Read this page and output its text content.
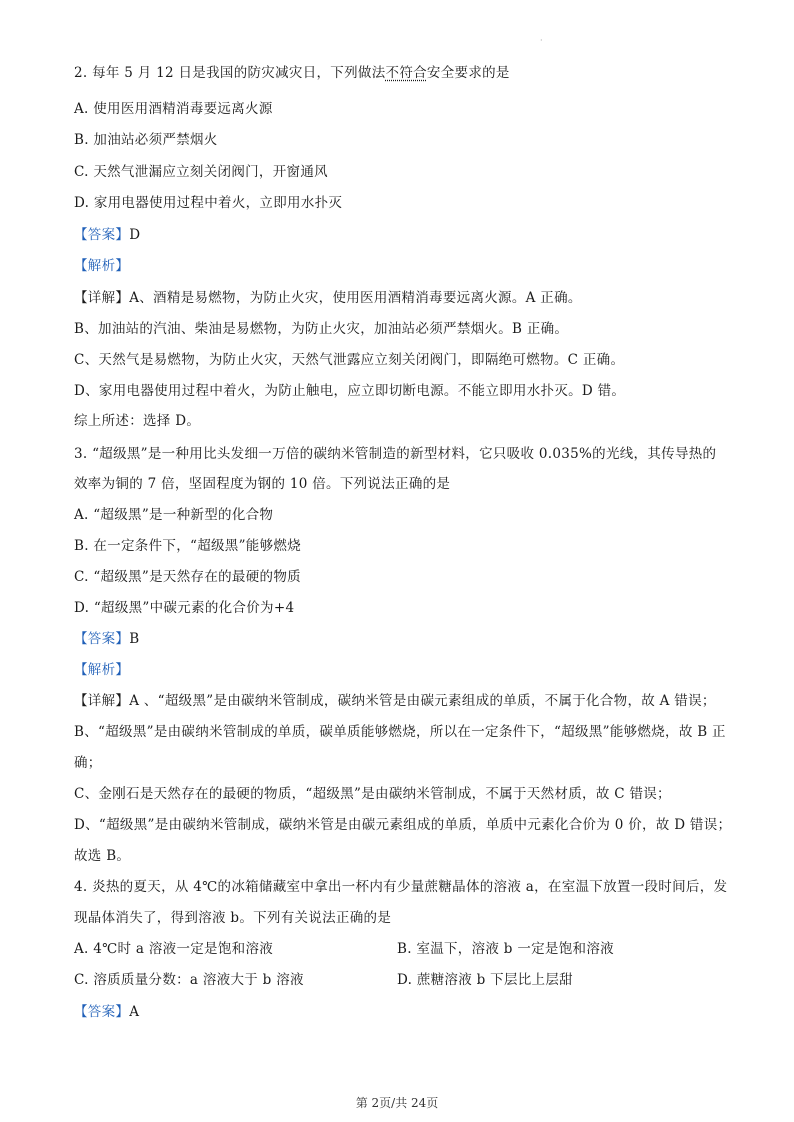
·
2. 每年 5 月 12 日是我国的防灾减灾日，下列做法不符合安全要求的是
A. 使用医用酒精消毒要远离火源
B. 加油站必须严禁烟火
C. 天然气泄漏应立刻关闭阀门，开窗通风
D. 家用电器使用过程中着火，立即用水扑灭
【答案】D
【解析】
【详解】A、酒精是易燃物，为防止火灾，使用医用酒精消毒要远离火源。A 正确。
B、加油站的汽油、柴油是易燃物，为防止火灾，加油站必须严禁烟火。B 正确。
C、天然气是易燃物，为防止火灾，天然气泄露应立刻关闭阀门，即隔绝可燃物。C 正确。
D、家用电器使用过程中着火，为防止触电，应立即切断电源。不能立即用水扑灭。D 错。
综上所述：选择 D。
3. “超级黑”是一种用比头发细一万倍的碳纳米管制造的新型材料，它只吸收 0.035%的光线，其传导热的
效率为铜的 7 倍，坚固程度为钢的 10 倍。下列说法正确的是
A. “超级黑”是一种新型的化合物
B. 在一定条件下，“超级黑”能够燃烧
C. “超级黑”是天然存在的最硬的物质
D. “超级黑”中碳元素的化合价为+4
【答案】B
【解析】
【详解】A 、“超级黑”是由碳纳米管制成，碳纳米管是由碳元素组成的单质，不属于化合物，故 A 错误；
B、“超级黑”是由碳纳米管制成的单质，碳单质能够燃烧，所以在一定条件下，“超级黑”能够燃烧，故 B 正
确；
C、金刚石是天然存在的最硬的物质，“超级黑”是由碳纳米管制成，不属于天然材质，故 C 错误；
D、“超级黑”是由碳纳米管制成，碳纳米管是由碳元素组成的单质，单质中元素化合价为 0 价，故 D 错误；
故选 B。
4. 炎热的夏天，从 4℃的冰箱储藏室中拿出一杯内有少量蔗糖晶体的溶液 a，在室温下放置一段时间后，发
现晶体消失了，得到溶液 b。下列有关说法正确的是
A. 4℃时 a 溶液一定是饱和溶液	B. 室温下，溶液 b 一定是饱和溶液
C. 溶质质量分数：a 溶液大于 b 溶液	D. 蔗糖溶液 b 下层比上层甜
【答案】A
第 2页/共 24页
